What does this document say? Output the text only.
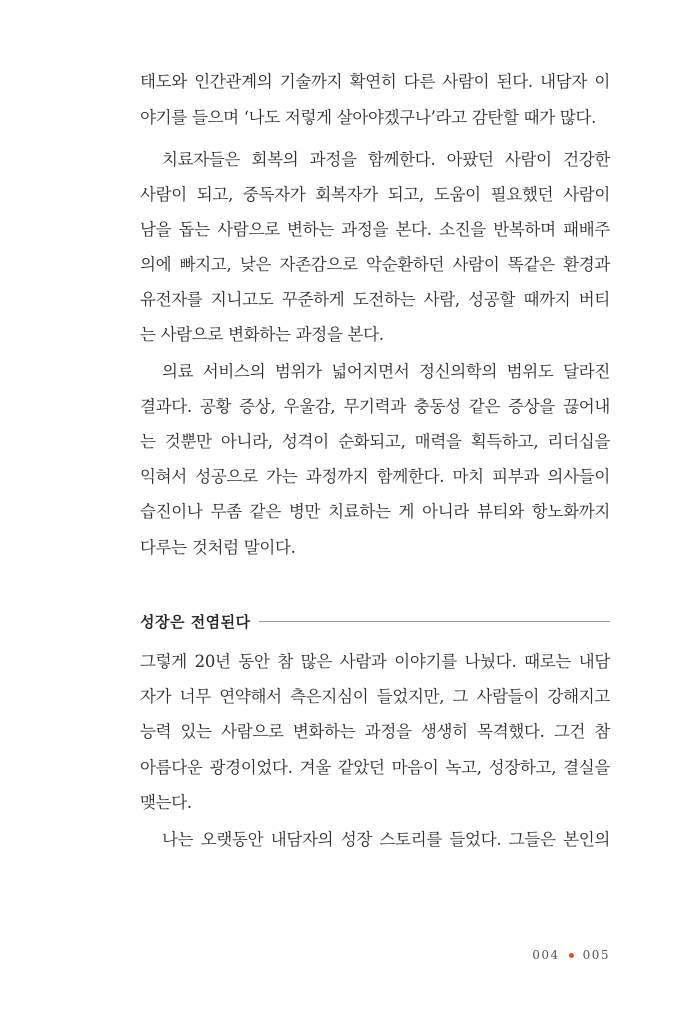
태도와 인간관계의 기술까지 확연히 다른 사람이 된다. 내담자 이
야기를 들으며 ‘나도 저렇게 살아야겠구나’라고 감탄할 때가 많다.
치료자들은 회복의 과정을 함께한다. 아팠던 사람이 건강한
사람이 되고, 중독자가 회복자가 되고, 도움이 필요했던 사람이
남을 돕는 사람으로 변하는 과정을 본다. 소진을 반복하며 패배주
의에 빠지고, 낮은 자존감으로 악순환하던 사람이 똑같은 환경과
유전자를 지니고도 꾸준하게 도전하는 사람, 성공할 때까지 버티
는 사람으로 변화하는 과정을 본다.
의료 서비스의 범위가 넓어지면서 정신의학의 범위도 달라진
결과다. 공황 증상, 우울감, 무기력과 충동성 같은 증상을 끊어내
는 것뿐만 아니라, 성격이 순화되고, 매력을 획득하고, 리더십을
익혀서 성공으로 가는 과정까지 함께한다. 마치 피부과 의사들이
습진이나 무좀 같은 병만 치료하는 게 아니라 뷰티와 항노화까지
다루는 것처럼 말이다.
성장은 전염된다
그렇게 20년 동안 참 많은 사람과 이야기를 나눴다. 때로는 내담
자가 너무 연약해서 측은지심이 들었지만, 그 사람들이 강해지고
능력 있는 사람으로 변화하는 과정을 생생히 목격했다. 그건 참
아름다운 광경이었다. 겨울 같았던 마음이 녹고, 성장하고, 결실을
맺는다.
나는 오랫동안 내담자의 성장 스토리를 들었다. 그들은 본인의
004 005
